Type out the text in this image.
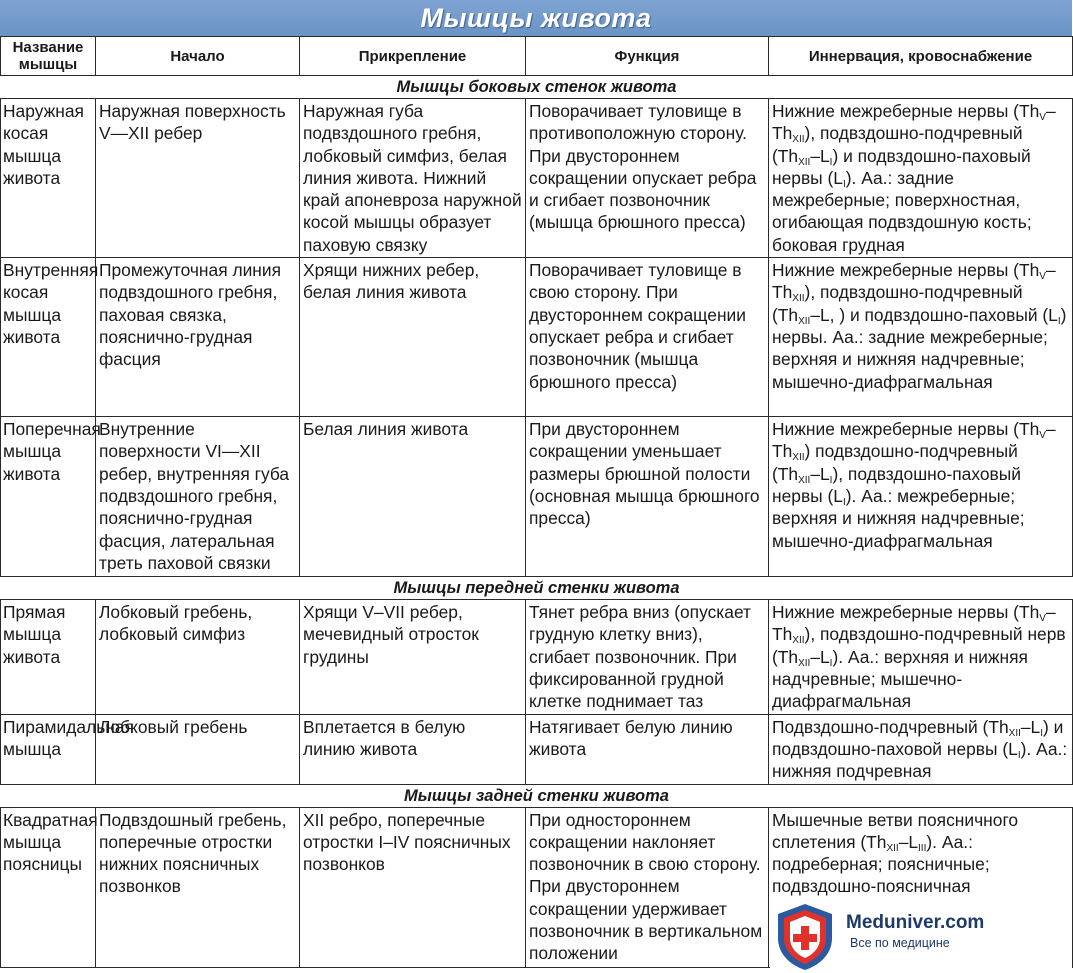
Мышцы живота
Название мышцы	Начало	Прикрепление	Функция	Иннервация, кровоснабжение
Мышцы боковых стенок живота				
Наружная косая мышца живота	Наружная поверхность V—XII ребер	Наружная губа подвздошного гребня, лобковый симфиз, белая линия живота. Нижний край апоневроза наружной косой мышцы образует паховую связку	Поворачивает туловище в противоположную сторону. При двустороннем сокращении опускает ребра и сгибает позвоночник (мышца брюшного пресса)	Нижние межреберные нервы $(Th_V-Th_{XII})$, подвздошно-подчревный $(Th_{XII}-L_I)$ и подвздошно-паховый нервы $(L_I)$. Аа.: задние межреберные; поверхностная, огибающая подвздошную кость; боковая грудная
Внутренняя косая мышца живота	Промежуточная линия подвздошного гребня, паховая связка, пояснично-грудная фасция	Хрящи нижних ребер, белая линия живота	Поворачивает туловище в свою сторону. При двустороннем сокращении опускает ребра и сгибает позвоночник (мышца брюшного пресса)	Нижние межреберные нервы $(Th_V-Th_{XII})$, подвздошно-подчревный ($Th_{XII}-L$, ) и подвздошно-паховый $(L_I)$ нервы. Аа.: задние межреберные; верхняя и нижняя надчревные; мышечно-диафрагмальная
Поперечная мышца живота	Внутренние поверхности VI—XII ребер, внутренняя губа подвздошного гребня, пояснично-грудная фасция, латеральная треть паховой связки	Белая линия живота	При двустороннем сокращении уменьшает размеры брюшной полости (основная мышца брюшного пресса)	Нижние межреберные нервы $(Th_V-Th_{XII})$ подвздошно-подчревный $(Th_{XII}-L_I)$, подвздошно-паховый нервы $(L_I)$. Аа.: межреберные; верхняя и нижняя надчревные; мышечно-диафрагмальная
Мышцы передней стенки живота				
Прямая мышца живота	Лобковый гребень, лобковый симфиз	Хрящи V–VII ребер, мечевидный отросток грудины	Тянет ребра вниз (опускает грудную клетку вниз), сгибает позвоночник. При фиксированной грудной клетке поднимает таз	Нижние межреберные нервы $(Th_V-Th_{XII})$, подвздошно-подчревный нерв $(Th_{XII}-L_I)$. Аа.: верхняя и нижняя надчревные; мышечно-диафрагмальная
Пирамидальная мышца	Лобковый гребень	Вплетается в белую линию живота	Натягивает белую линию живота	Подвздошно-подчревный $(Th_{XII}-L_I)$ и подвздошно-паховой нервы $(L_I)$. Аа.: нижняя подчревная
Мышцы задней стенки живота				
Квадратная мышца поясницы	Подвздошный гребень, поперечные отростки нижних поясничных позвонков	XII ребро, поперечные отростки I–IV поясничных позвонков	При одностороннем сокращении наклоняет позвоночник в свою сторону. При двустороннем сокращении удерживает позвоночник в вертикальном положении	Мышечные ветви поясничного сплетения $(Th_{XII}-L_{III})$. Аа.: подреберная; поясничные; подвздошно-поясничная
Meduniver.com
Все по медицине
